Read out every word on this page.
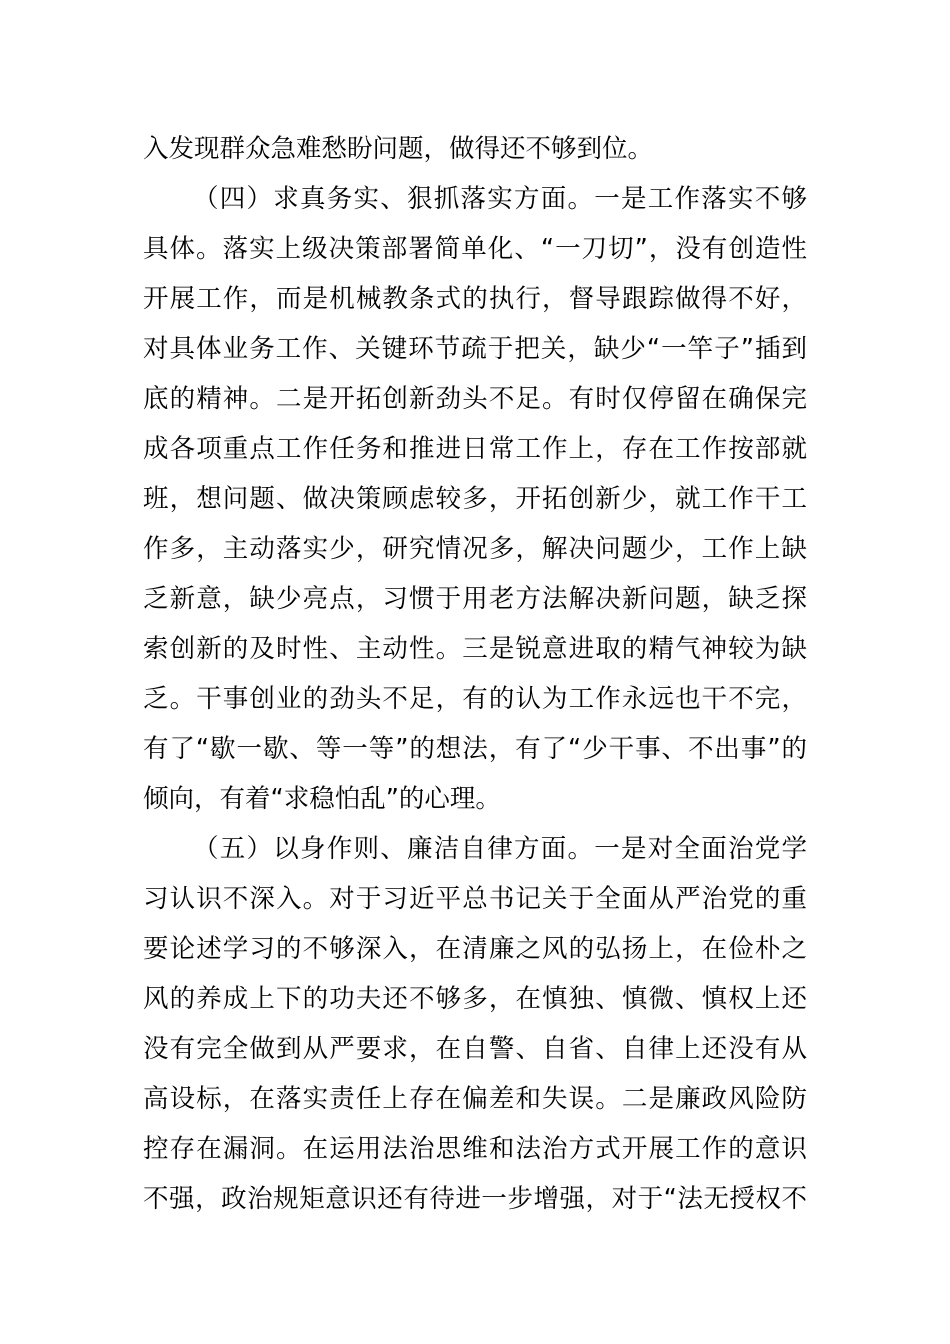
入发现群众急难愁盼问题，做得还不够到位。
（四）求真务实、狠抓落实方面。一是工作落实不够
具体。落实上级决策部署简单化、“一刀切”，没有创造性
开展工作，而是机械教条式的执行，督导跟踪做得不好，
对具体业务工作、关键环节疏于把关，缺少“一竿子”插到
底的精神。二是开拓创新劲头不足。有时仅停留在确保完
成各项重点工作任务和推进日常工作上，存在工作按部就
班，想问题、做决策顾虑较多，开拓创新少，就工作干工
作多，主动落实少，研究情况多，解决问题少，工作上缺
乏新意，缺少亮点，习惯于用老方法解决新问题，缺乏探
索创新的及时性、主动性。三是锐意进取的精气神较为缺
乏。干事创业的劲头不足，有的认为工作永远也干不完，
有了“歇一歇、等一等”的想法，有了“少干事、不出事”的
倾向，有着“求稳怕乱”的心理。
（五）以身作则、廉洁自律方面。一是对全面治党学
习认识不深入。对于习近平总书记关于全面从严治党的重
要论述学习的不够深入，在清廉之风的弘扬上，在俭朴之
风的养成上下的功夫还不够多，在慎独、慎微、慎权上还
没有完全做到从严要求，在自警、自省、自律上还没有从
高设标，在落实责任上存在偏差和失误。二是廉政风险防
控存在漏洞。在运用法治思维和法治方式开展工作的意识
不强，政治规矩意识还有待进一步增强，对于“法无授权不
